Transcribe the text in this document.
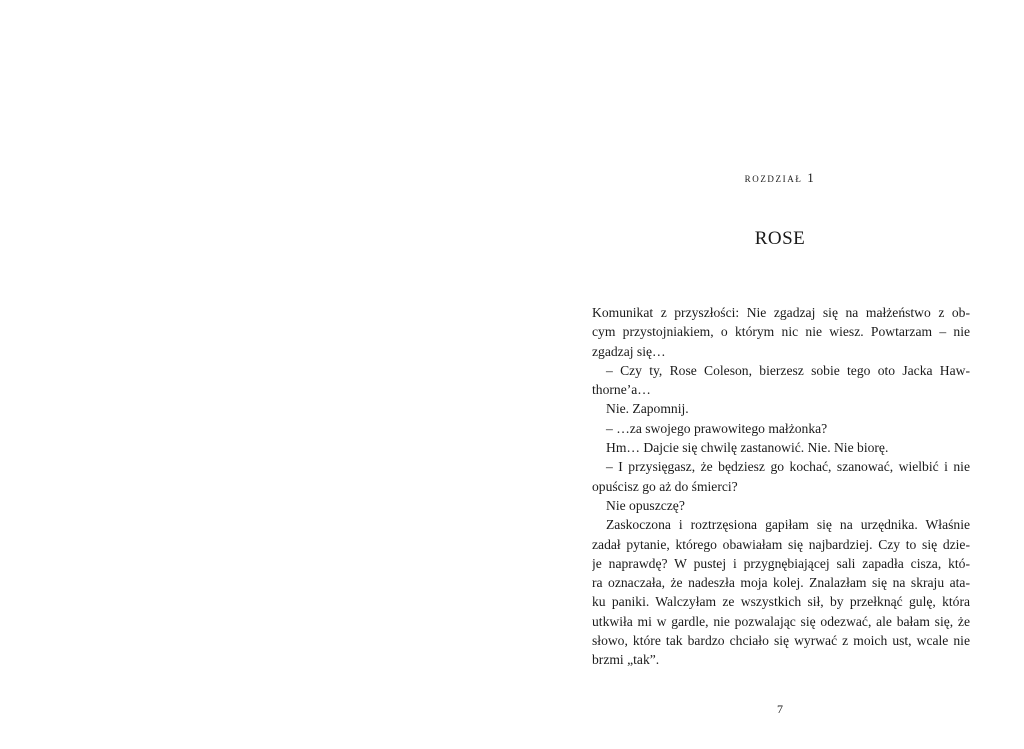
rozdział 1
ROSE
Komunikat z przyszłości: Nie zgadzaj się na małżeństwo z ob-
cym przystojniakiem, o którym nic nie wiesz. Powtarzam – nie
zgadzaj się…
– Czy ty, Rose Coleson, bierzesz sobie tego oto Jacka Haw-
thorne’a…
Nie. Zapomnij.
– …za swojego prawowitego małżonka?
Hm… Dajcie się chwilę zastanowić. Nie. Nie biorę.
– I przysięgasz, że będziesz go kochać, szanować, wielbić i nie
opuścisz go aż do śmierci?
Nie opuszczę?
Zaskoczona i roztrzęsiona gapiłam się na urzędnika. Właśnie
zadał pytanie, którego obawiałam się najbardziej. Czy to się dzie-
je naprawdę? W pustej i przygnębiającej sali zapadła cisza, któ-
ra oznaczała, że nadeszła moja kolej. Znalazłam się na skraju ata-
ku paniki. Walczyłam ze wszystkich sił, by przełknąć gulę, która
utkwiła mi w gardle, nie pozwalając się odezwać, ale bałam się, że
słowo, które tak bardzo chciało się wyrwać z moich ust, wcale nie
brzmi „tak”.
7
